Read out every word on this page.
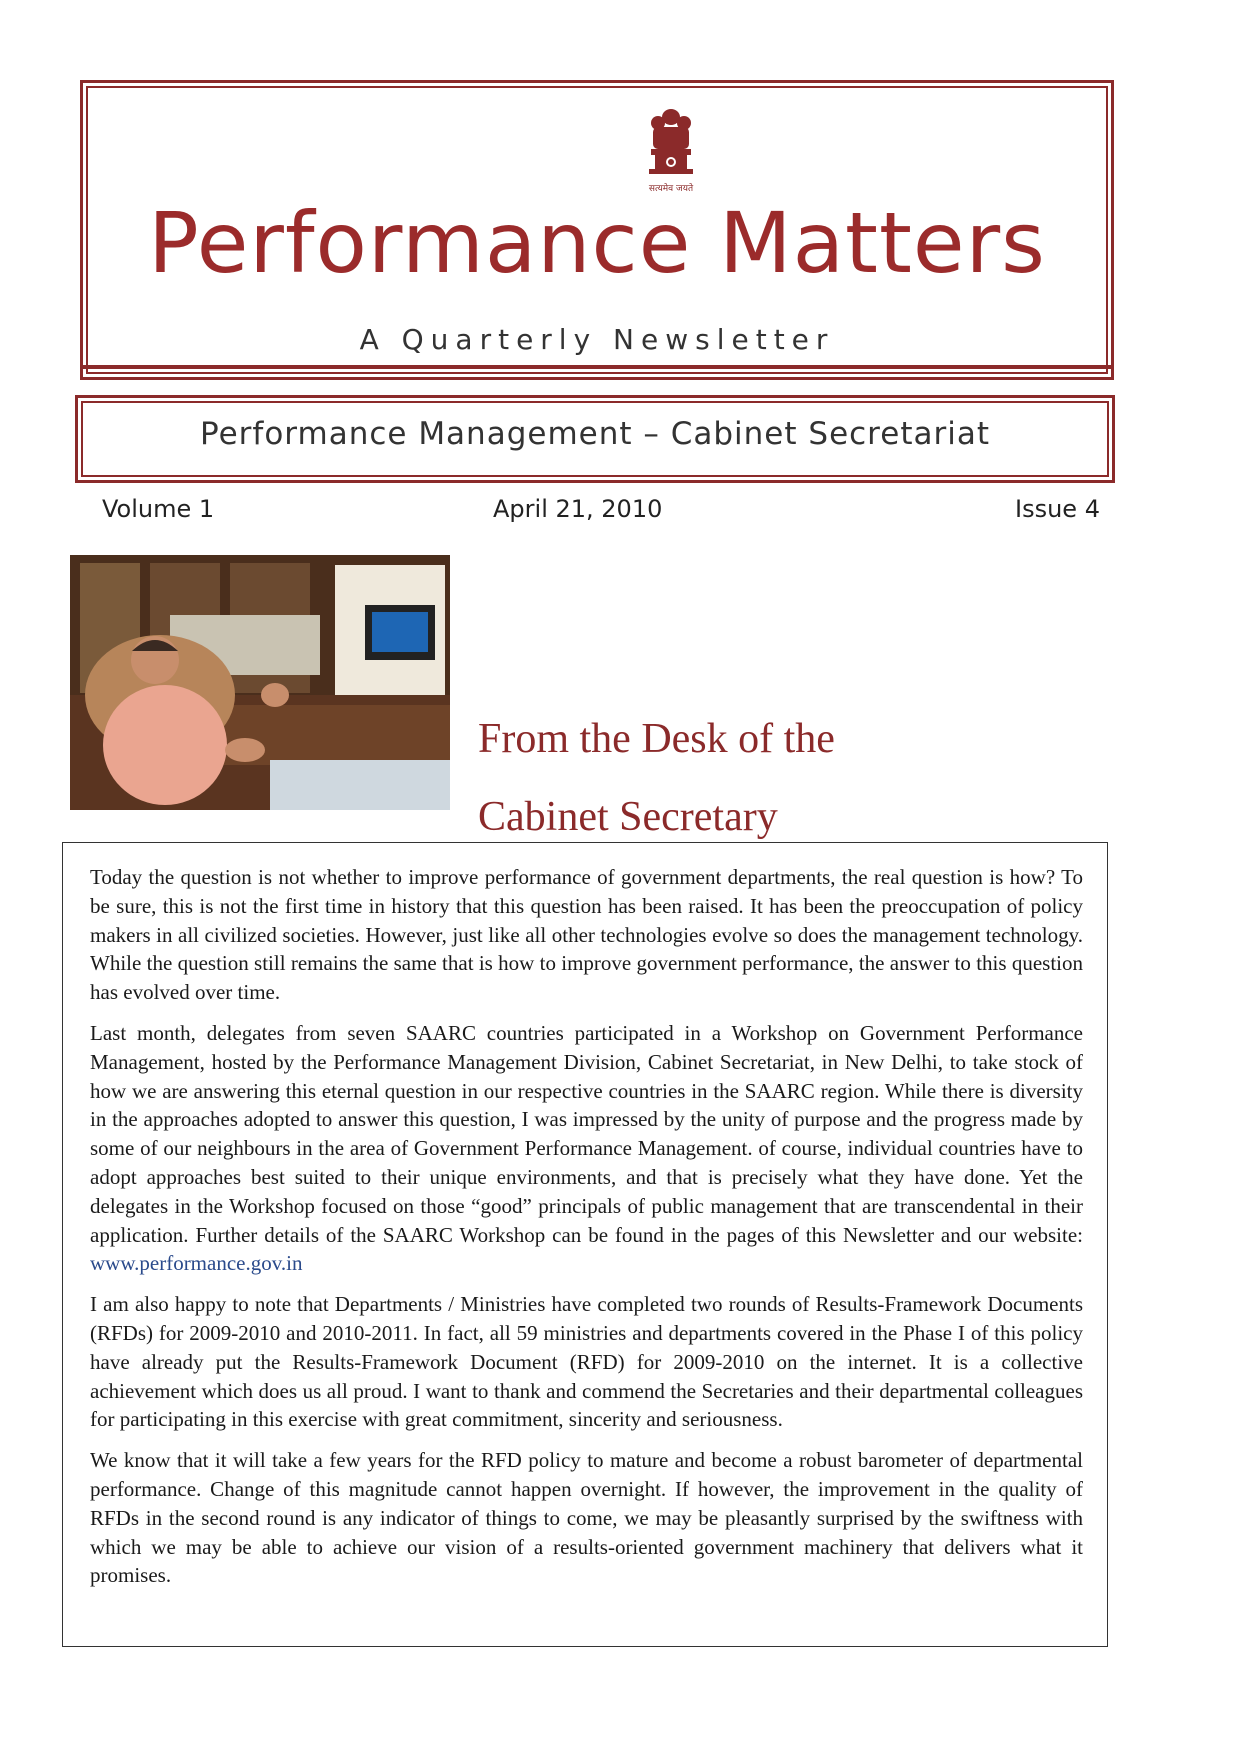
सत्यमेव जयते
Performance Matters
A Quarterly Newsletter
Performance Management – Cabinet Secretariat
Volume 1	April 21, 2010	Issue 4
From the Desk of the
Cabinet Secretary

Today the question is not whether to improve performance of government departments, the real question is how? To be sure, this is not the first time in history that this question has been raised. It has been the preoccupation of policy makers in all civilized societies. However, just like all other technologies evolve so does the management technology. While the question still remains the same that is how to improve government performance, the answer to this question has evolved over time.

Last month, delegates from seven SAARC countries participated in a Workshop on Government Performance Management, hosted by the Performance Management Division, Cabinet Secretariat, in New Delhi, to take stock of how we are answering this eternal question in our respective countries in the SAARC region. While there is diversity in the approaches adopted to answer this question, I was impressed by the unity of purpose and the progress made by some of our neighbours in the area of Government Performance Management. of course, individual countries have to adopt approaches best suited to their unique environments, and that is precisely what they have done. Yet the delegates in the Workshop focused on those “good” principals of public management that are transcendental in their application. Further details of the SAARC Workshop can be found in the pages of this Newsletter and our website: www.performance.gov.in

I am also happy to note that Departments / Ministries have completed two rounds of Results-Framework Documents (RFDs) for 2009-2010 and 2010-2011. In fact, all 59 ministries and departments covered in the Phase I of this policy have already put the Results-Framework Document (RFD) for 2009-2010 on the internet. It is a collective achievement which does us all proud. I want to thank and commend the Secretaries and their departmental colleagues for participating in this exercise with great commitment, sincerity and seriousness.

We know that it will take a few years for the RFD policy to mature and become a robust barometer of departmental performance. Change of this magnitude cannot happen overnight. If however, the improvement in the quality of RFDs in the second round is any indicator of things to come, we may be pleasantly surprised by the swiftness with which we may be able to achieve our vision of a results-oriented government machinery that delivers what it promises.
